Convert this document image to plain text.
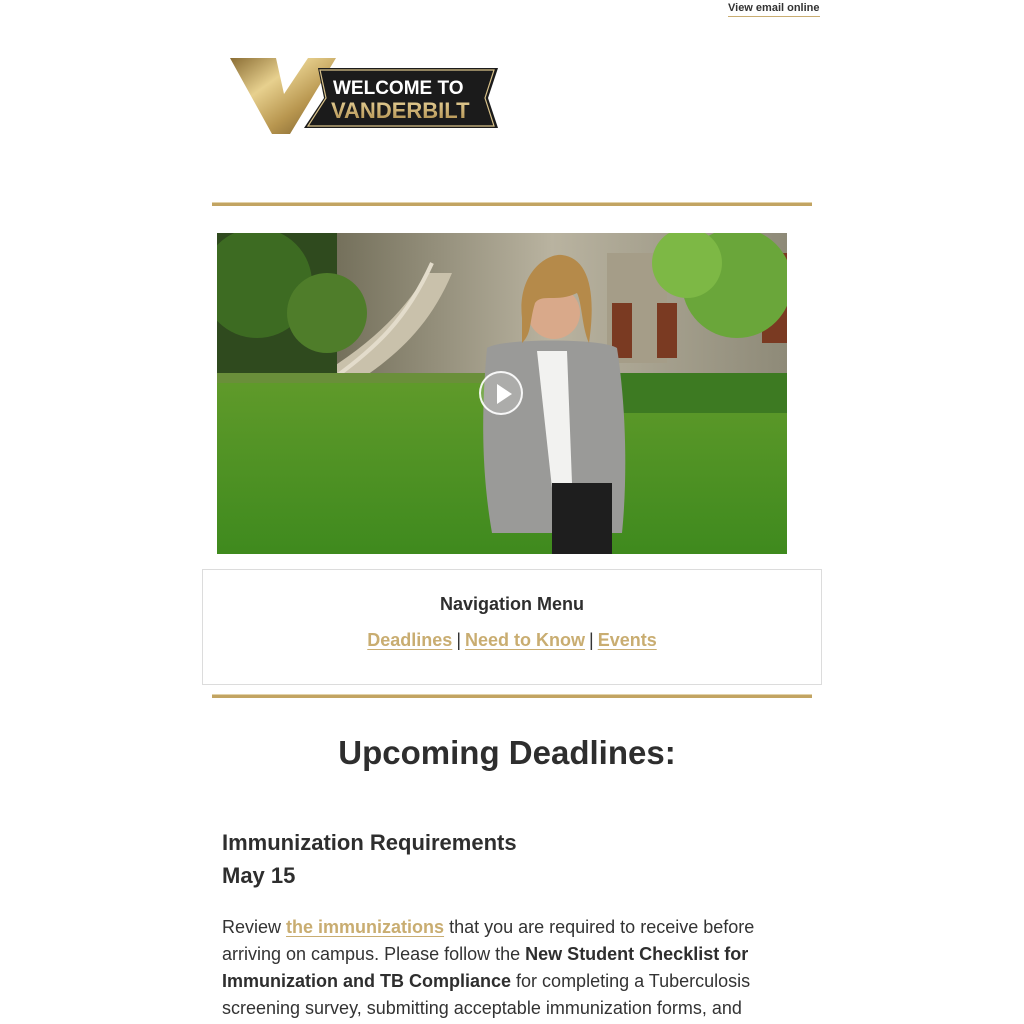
View email online
WELCOME TO
VANDERBILT
Navigation Menu
Deadlines | Need to Know | Events
Upcoming Deadlines:
Immunization Requirements
May 15
Review the immunizations that you are required to receive before arriving on campus. Please follow the New Student Checklist for Immunization and TB Compliance for completing a Tuberculosis screening survey, submitting acceptable immunization forms, and
